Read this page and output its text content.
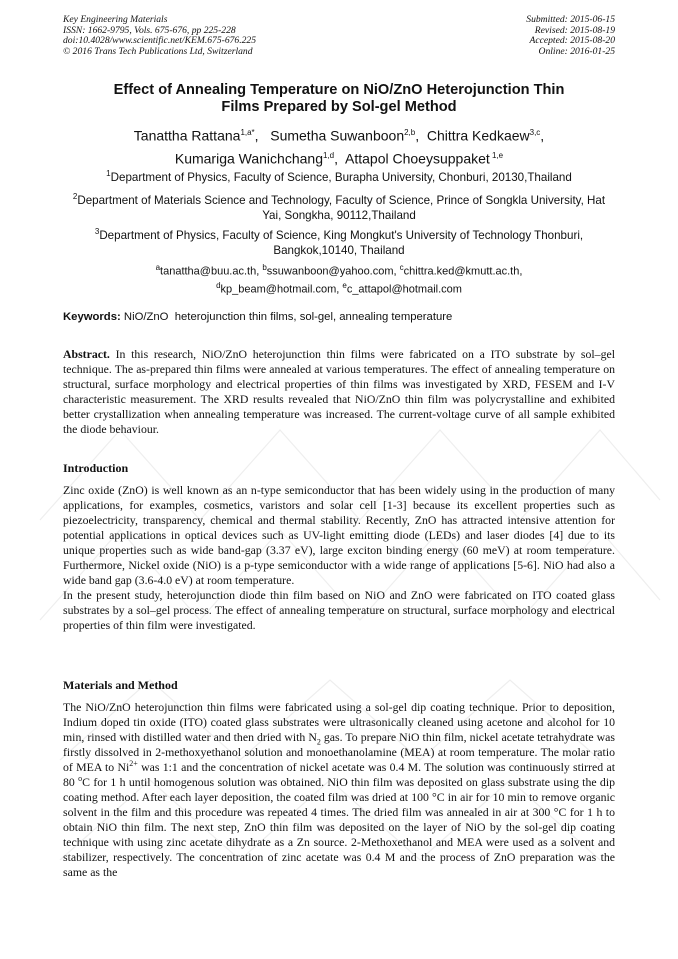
Key Engineering Materials
ISSN: 1662-9795, Vols. 675-676, pp 225-228
doi:10.4028/www.scientific.net/KEM.675-676.225
© 2016 Trans Tech Publications Ltd, Switzerland
Submitted: 2015-06-15
Revised: 2015-08-19
Accepted: 2015-08-20
Online: 2016-01-25
Effect of Annealing Temperature on NiO/ZnO Heterojunction Thin
Films Prepared by Sol-gel Method
Tanattha Rattana$^{1,a*}$,   Sumetha Suwanboon$^{2,b}$,  Chittra Kedkaew$^{3,c}$,
Kumariga Wanichchang$^{1,d}$,  Attapol Choeysuppaket $^{1,e}$
$^1$Department of Physics, Faculty of Science, Burapha University, Chonburi, 20130,Thailand
$^2$Department of Materials Science and Technology, Faculty of Science, Prince of Songkla University, Hat Yai, Songkha, 90112,Thailand
$^3$Department of Physics, Faculty of Science, King Mongkut's University of Technology Thonburi, Bangkok,10140, Thailand
$^a$tanattha@buu.ac.th, $^b$ssuwanboon@yahoo.com, $^c$chittra.ked@kmutt.ac.th,
$^d$kp_beam@hotmail.com, $^e$c_attapol@hotmail.com
Keywords: NiO/ZnO  heterojunction thin films, sol-gel, annealing temperature

Abstract. In this research, NiO/ZnO heterojunction thin films were fabricated on a ITO substrate by sol–gel technique. The as-prepared thin films were annealed at various temperatures. The effect of annealing temperature on structural, surface morphology and electrical properties of thin films was investigated by XRD, FESEM and I-V characteristic measurement. The XRD results revealed that NiO/ZnO thin film was polycrystalline and exhibited better crystallization when annealing temperature was increased. The current-voltage curve of all sample exhibited the diode behaviour.

Introduction

Zinc oxide (ZnO) is well known as an n-type semiconductor that has been widely using in the production of many applications, for examples, cosmetics, varistors and solar cell [1-3] because its excellent properties such as piezoelectricity, transparency, chemical and thermal stability. Recently, ZnO has attracted intensive attention for potential applications in optical devices such as UV-light emitting diode (LEDs) and laser diodes [4] due to its unique properties such as wide band-gap (3.37 eV), large exciton binding energy (60 meV) at room temperature. Furthermore, Nickel oxide (NiO) is a p-type semiconductor with a wide range of applications [5-6]. NiO had also a wide band gap (3.6-4.0 eV) at room temperature.

In the present study, heterojunction diode thin film based on NiO and ZnO were fabricated on ITO coated glass substrates by a sol–gel process. The effect of annealing temperature on structural, surface morphology and electrical properties of thin film were investigated.

Materials and Method

The NiO/ZnO heterojunction thin films were fabricated using a sol-gel dip coating technique. Prior to deposition, Indium doped tin oxide (ITO) coated glass substrates were ultrasonically cleaned using acetone and alcohol for 10 min, rinsed with distilled water and then dried with $N_2$ gas. To prepare NiO thin film, nickel acetate tetrahydrate was firstly dissolved in 2-methoxyethanol solution and monoethanolamine (MEA) at room temperature. The molar ratio of MEA to $Ni^{2+}$ was 1:1 and the concentration of nickel acetate was 0.4 M. The solution was continuously stirred at 80 $^o$C for 1 h until homogenous solution was obtained. NiO thin film was deposited on glass substrate using the dip coating method. After each layer deposition, the coated film was dried at 100 °C in air for 10 min to remove organic solvent in the film and this procedure was repeated 4 times. The dried film was annealed in air at 300 °C for 1 h to obtain NiO thin film. The next step, ZnO thin film was deposited on the layer of NiO by the sol-gel dip coating technique with using zinc acetate dihydrate as a Zn source. 2-Methoxethanol and MEA were used as a solvent and stabilizer, respectively. The concentration of zinc acetate was 0.4 M and the process of ZnO preparation was the same as the
